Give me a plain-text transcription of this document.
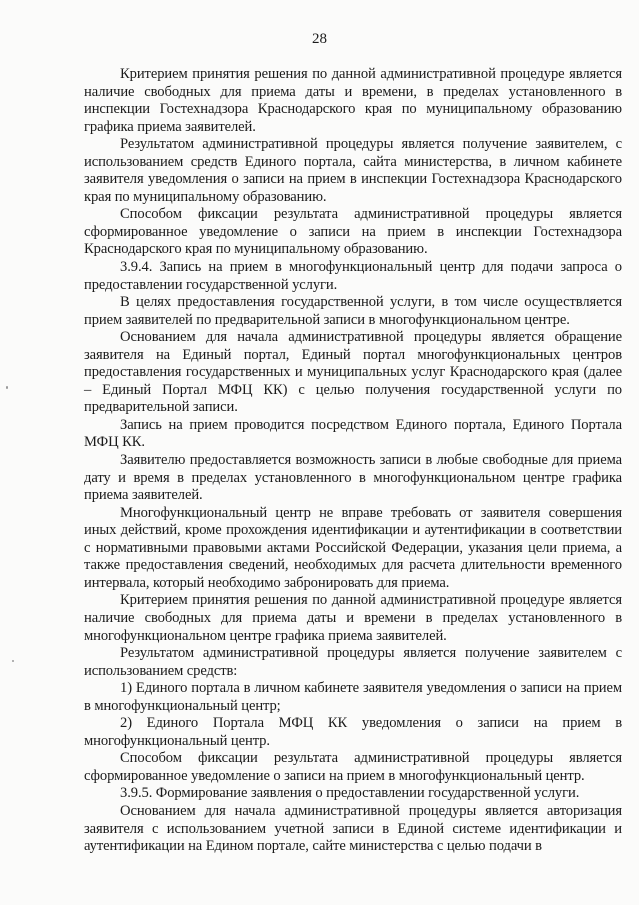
28

Критерием принятия решения по данной административной процедуре является наличие свободных для приема даты и времени, в пределах установленного в инспекции Гостехнадзора Краснодарского края по муниципальному образованию графика приема заявителей.

Результатом административной процедуры является получение заявителем, с использованием средств Единого портала, сайта министерства, в личном кабинете заявителя уведомления о записи на прием в инспекции Гостехнадзора Краснодарского края по муниципальному образованию.

Способом фиксации результата административной процедуры является сформированное уведомление о записи на прием в инспекции Гостехнадзора Краснодарского края по муниципальному образованию.

3.9.4. Запись на прием в многофункциональный центр для подачи запроса о предоставлении государственной услуги.

В целях предоставления государственной услуги, в том числе осуществляется прием заявителей по предварительной записи в многофункциональном центре.

Основанием для начала административной процедуры является обращение заявителя на Единый портал, Единый портал многофункциональных центров предоставления государственных и муниципальных услуг Краснодарского края (далее – Единый Портал МФЦ КК) с целью получения государственной услуги по предварительной записи.

Запись на прием проводится посредством Единого портала, Единого Портала МФЦ КК.

Заявителю предоставляется возможность записи в любые свободные для приема дату и время в пределах установленного в многофункциональном центре графика приема заявителей.

Многофункциональный центр не вправе требовать от заявителя совершения иных действий, кроме прохождения идентификации и аутентификации в соответствии с нормативными правовыми актами Российской Федерации, указания цели приема, а также предоставления сведений, необходимых для расчета длительности временного интервала, который необходимо забронировать для приема.

Критерием принятия решения по данной административной процедуре является наличие свободных для приема даты и времени в пределах установленного в многофункциональном центре графика приема заявителей.

Результатом административной процедуры является получение заявителем с использованием средств:

1) Единого портала в личном кабинете заявителя уведомления о записи на прием в многофункциональный центр;

2) Единого Портала МФЦ КК уведомления о записи на прием в многофункциональный центр.

Способом фиксации результата административной процедуры является сформированное уведомление о записи на прием в многофункциональный центр.

3.9.5. Формирование заявления о предоставлении государственной услуги.

Основанием для начала административной процедуры является авторизация заявителя с использованием учетной записи в Единой системе идентификации и аутентификации на Едином портале, сайте министерства с целью подачи в
